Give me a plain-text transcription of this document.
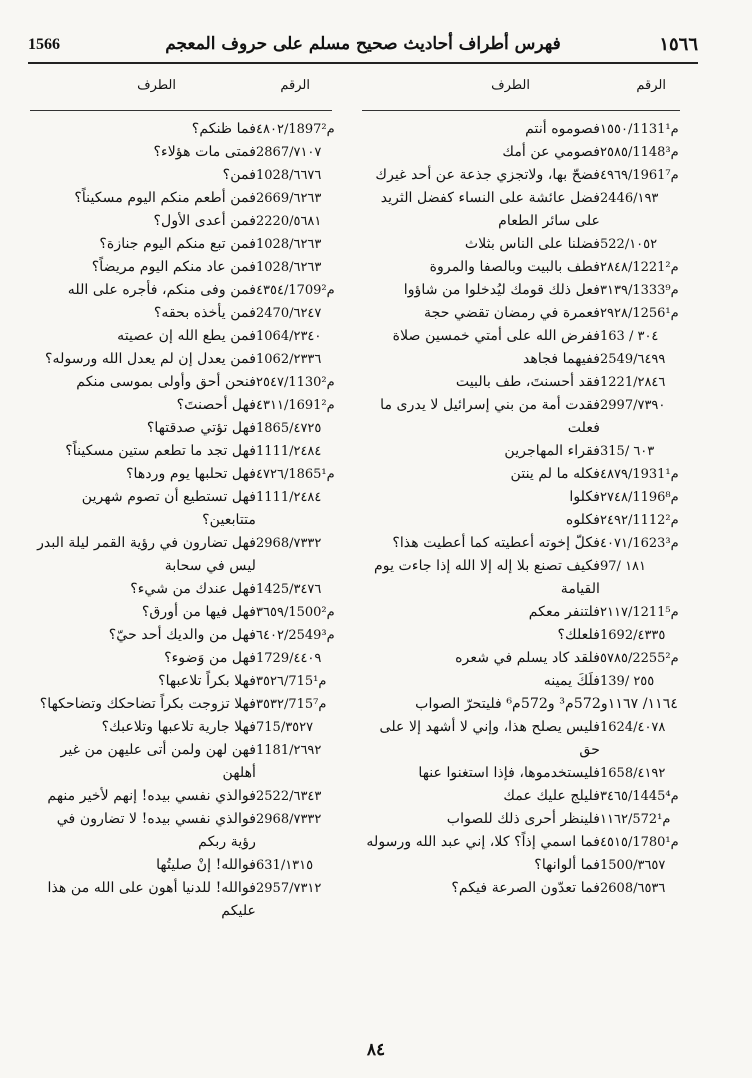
1566	فهرس أطراف أحاديث صحيح مسلم على حروف المعجم	١٥٦٦
الرقم
الطرف
الرقم
الطرف
١٥٥٠/1131م¹
فصوموه أنتم
٢٥٨٥/1148م³
فصومي عن أمك
٤٩٦٩/1961م⁷
فضحّ بها، ولاتجزي جذعة عن أحد غيرك
2446/١٩٣
فضل عائشة على النساء كفضل الثريد على سائر الطعام
522/١٠٥٢
فضلنا على الناس بثلاث
٢٨٤٨/1221م²
فطف بالبيت وبالصفا والمروة
٣١٣٩/1333م⁹
فعل ذلك قومك ليُدخلوا من شاؤوا
٢٩٢٨/1256م¹
فعمرة في رمضان تقضي حجة
163 / ٣٠٤
ففرض الله على أمتي خمسين صلاة
2549/٦٤٩٩
ففيهما فجاهد
1221/٢٨٤٦
فقد أحسنتَ، طف بالبيت
2997/٧٣٩٠
فقدت أمة من بني إسرائيل لا يدرى ما فعلت
315/ ٦٠٣
فقراء المهاجرين
٤٨٧٩/1931م¹
فكله ما لم ينتن
٢٧٤٨/1196م⁸
فكلوا
٢٤٩٢/1112م²
فكلوه
٤٠٧١/1623م³
فكلّ إخوته أعطيته كما أعطيت هذا؟
97/ ١٨١
فكيف تصنع بلا إله إلا الله إذا جاءت يوم القيامة
٢١١٧/1211م⁵
فلتنفر معكم
1692/٤٣٣٥
فلعلك؟
٥٧٨٥/2255م²
فلقد كاد يسلم في شعره
139/ ٢٥٥
فلَكَ يمينه
١١٦٤/ ١١٦٧و572م³ و572م⁶ فليتحرّ الصواب
1624/٤٠٧٨
فليس يصلح هذا، وإني لا أشهد إلا على حق
1658/٤١٩٢
فليستخدموها، فإذا استغنوا عنها
٣٤٦٥/1445م⁴
فليلج عليك عمك
١١٦٢/572م¹
فلينظر أحرى ذلك للصواب
٤٥١٥/1780م¹
فما اسمي إذاً؟ كلا، إني عبد الله ورسوله
1500/٣٦٥٧
فما ألوانها؟
2608/٦٥٣٦
فما تعدّون الصرعة فيكم؟
٤٨٠٢/1897م²
فما ظنكم؟
2867/٧١٠٧
فمتى مات هؤلاء؟
1028/٦٦٧٦
فمن؟
2669/٦٢٦٣
فمن أطعم منكم اليوم مسكيناً؟
2220/٥٦٨١
فمن أعدى الأول؟
1028/٦٢٦٣
فمن تبع منكم اليوم جنازة؟
1028/٦٢٦٣
فمن عاد منكم اليوم مريضاً؟
٤٣٥٤/1709م²
فمن وفى منكم، فأجره على الله
2470/٦٢٤٧
فمن يأخذه بحقه؟
1064/٢٣٤٠
فمن يطع الله إن عصيته
1062/٢٣٣٦
فمن يعدل إن لم يعدل الله ورسوله؟
٢٥٤٧/1130م²
فنحن أحق وأولى بموسى منكم
٤٣١١/1691م²
فهل أحصنتَ؟
1865/٤٧٢٥
فهل تؤتي صدقتها؟
1111/٢٤٨٤
فهل تجد ما تطعم ستين مسكيناً؟
٤٧٢٦/1865م¹
فهل تحلبها يوم وردها؟
1111/٢٤٨٤
فهل تستطيع أن تصوم شهرين متتابعين؟
2968/٧٣٣٢
فهل تضارون في رؤية القمر ليلة البدر ليس في سحابة
1425/٣٤٧٦
فهل عندك من شيء؟
٣٦٥٩/1500م²
فهل فيها من أورق؟
٦٤٠٢/2549م³
فهل من والديك أحد حيّ؟
1729/٤٤٠٩
فهل من وَضوء؟
٣٥٢٦/715م¹
فهلا بكراً تلاعبها؟
٣٥٣٢/715م⁷
فهلا تزوجت بكراً تضاحكك وتضاحكها؟
715/٣٥٢٧
فهلا جارية تلاعبها وتلاعبك؟
1181/٢٦٩٢
فهن لهن ولمن أتى عليهن من غير أهلهن
2522/٦٣٤٣
فوالذي نفسي بيده! إنهم لأخير منهم
2968/٧٣٣٢
فوالذي نفسي بيده! لا تضارون في رؤية ربكم
631/١٣١٥
فوالله! إنْ صليتُها
2957/٧٣١٢
فوالله! للدنيا أهون على الله من هذا عليكم
٨٤
